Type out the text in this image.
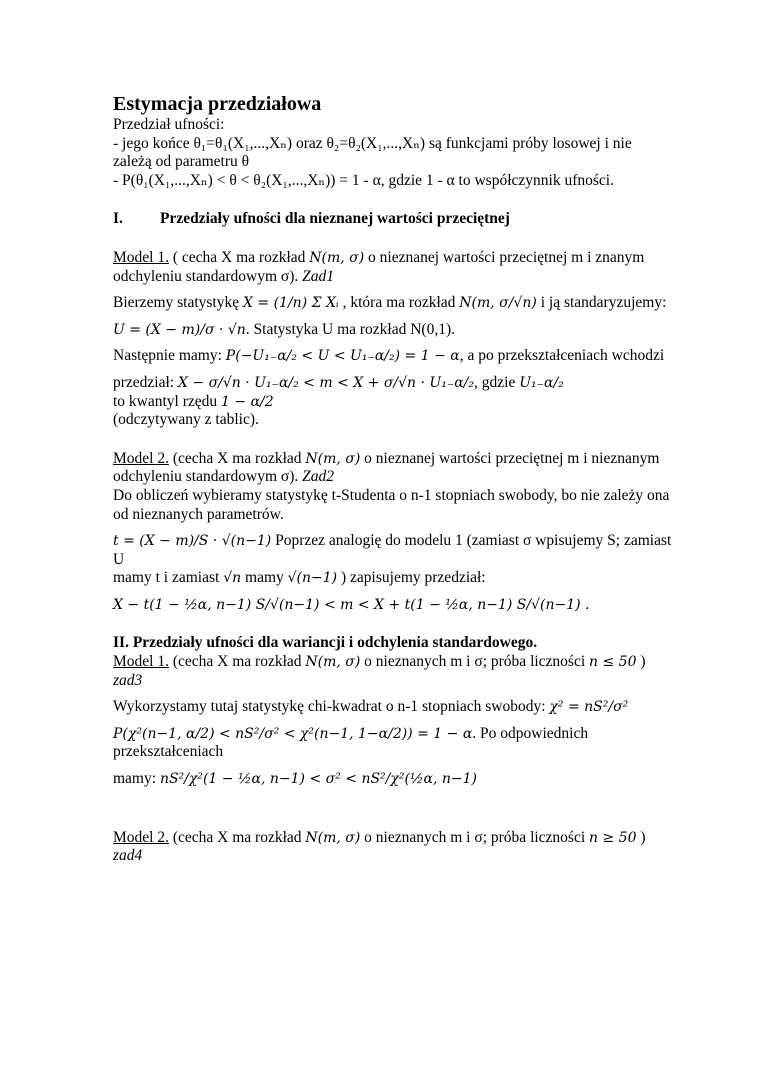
Estymacja przedziałowa

Przedział ufności:

- jego końce θ₁=θ₁(X₁,...,Xₙ) oraz θ₂=θ₂(X₁,...,Xₙ) są funkcjami próby losowej i nie

zależą od parametru θ

- P(θ₁(X₁,...,Xₙ) < θ < θ₂(X₁,...,Xₙ)) = 1 - α, gdzie 1 - α to współczynnik ufności.

I.	Przedziały ufności dla nieznanej wartości przeciętnej

Model 1. ( cecha X ma rozkład N(m, σ) o nieznanej wartości przeciętnej m i znanym

odchyleniu standardowym σ). Zad1

Bierzemy statystykę X = (1/n) Σ Xᵢ , która ma rozkład N(m, σ/√n) i ją standaryzujemy:

U = (X − m)/σ · √n. Statystyka U ma rozkład N(0,1).

Następnie mamy: P(−U₁₋α/₂ < U < U₁₋α/₂) = 1 − α, a po przekształceniach wchodzi

przedział: X − σ/√n · U₁₋α/₂ < m < X + σ/√n · U₁₋α/₂, gdzie U₁₋α/₂

to kwantyl rzędu 1 − α/2

(odczytywany z tablic).

Model 2. (cecha X ma rozkład N(m, σ) o nieznanej wartości przeciętnej m i nieznanym

odchyleniu standardowym σ). Zad2

Do obliczeń wybieramy statystykę t-Studenta o n-1 stopniach swobody, bo nie zależy ona

od nieznanych parametrów.

t = (X − m)/S · √(n−1) Poprzez analogię do modelu 1 (zamiast σ wpisujemy S; zamiast U

mamy t i zamiast √n mamy √(n−1) ) zapisujemy przedział:

X − t(1 − ½α, n−1) S/√(n−1) < m < X + t(1 − ½α, n−1) S/√(n−1) .

II. Przedziały ufności dla wariancji i odchylenia standardowego.

Model 1. (cecha X ma rozkład N(m, σ) o nieznanych m i σ; próba liczności n ≤ 50 )

zad3

Wykorzystamy tutaj statystykę chi-kwadrat o n-1 stopniach swobody: χ² = nS²/σ²

P(χ²(n−1, α/2) < nS²/σ² < χ²(n−1, 1−α/2)) = 1 − α. Po odpowiednich przekształceniach

mamy: nS²/χ²(1 − ½α, n−1) < σ² < nS²/χ²(½α, n−1)

Model 2. (cecha X ma rozkład N(m, σ) o nieznanych m i σ; próba liczności n ≥ 50 )

zad4
